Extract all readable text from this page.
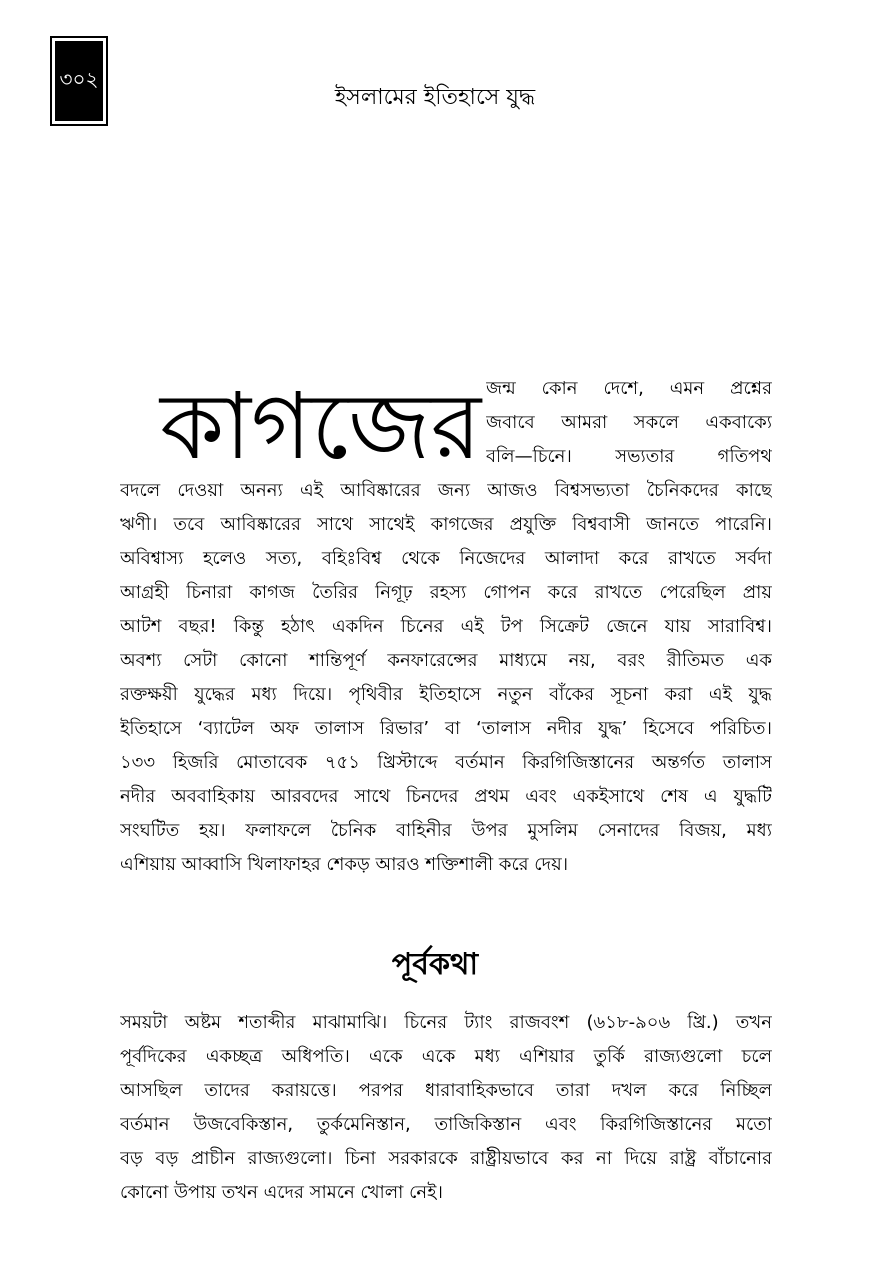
৩০২
ইসলামের ইতিহাসে যুদ্ধ
কাগজের জন্ম কোন দেশে, এমন প্রশ্নের
জবাবে আমরা সকলে একবাক্যে
বলি—চিনে। সভ্যতার গতিপথ
বদলে দেওয়া অনন্য এই আবিষ্কারের জন্য আজও বিশ্বসভ্যতা চৈনিকদের কাছে
ঋণী। তবে আবিষ্কারের সাথে সাথেই কাগজের প্রযুক্তি বিশ্ববাসী জানতে পারেনি।
অবিশ্বাস্য হলেও সত্য, বহিঃবিশ্ব থেকে নিজেদের আলাদা করে রাখতে সর্বদা
আগ্রহী চিনারা কাগজ তৈরির নিগূঢ় রহস্য গোপন করে রাখতে পেরেছিল প্রায়
আটশ বছর! কিন্তু হঠাৎ একদিন চিনের এই টপ সিক্রেট জেনে যায় সারাবিশ্ব।
অবশ্য সেটা কোনো শান্তিপূর্ণ কনফারেন্সের মাধ্যমে নয়, বরং রীতিমত এক
রক্তক্ষয়ী যুদ্ধের মধ্য দিয়ে। পৃথিবীর ইতিহাসে নতুন বাঁকের সূচনা করা এই যুদ্ধ
ইতিহাসে ‘ব্যাটেল অফ তালাস রিভার’ বা ‘তালাস নদীর যুদ্ধ’ হিসেবে পরিচিত।
১৩৩ হিজরি মোতাবেক ৭৫১ খ্রিস্টাব্দে বর্তমান কিরগিজিস্তানের অন্তর্গত তালাস
নদীর অববাহিকায় আরবদের সাথে চিনদের প্রথম এবং একইসাথে শেষ এ যুদ্ধটি
সংঘটিত হয়। ফলাফলে চৈনিক বাহিনীর উপর মুসলিম সেনাদের বিজয়, মধ্য
এশিয়ায় আব্বাসি খিলাফাহর শেকড় আরও শক্তিশালী করে দেয়।
পূর্বকথা
সময়টা অষ্টম শতাব্দীর মাঝামাঝি। চিনের ট্যাং রাজবংশ (৬১৮-৯০৬ খ্রি.) তখন
পূর্বদিকের একচ্ছত্র অধিপতি। একে একে মধ্য এশিয়ার তুর্কি রাজ্যগুলো চলে
আসছিল তাদের করায়ত্তে। পরপর ধারাবাহিকভাবে তারা দখল করে নিচ্ছিল
বর্তমান উজবেকিস্তান, তুর্কমেনিস্তান, তাজিকিস্তান এবং কিরগিজিস্তানের মতো
বড় বড় প্রাচীন রাজ্যগুলো। চিনা সরকারকে রাষ্ট্রীয়ভাবে কর না দিয়ে রাষ্ট্র বাঁচানোর
কোনো উপায় তখন এদের সামনে খোলা নেই।
